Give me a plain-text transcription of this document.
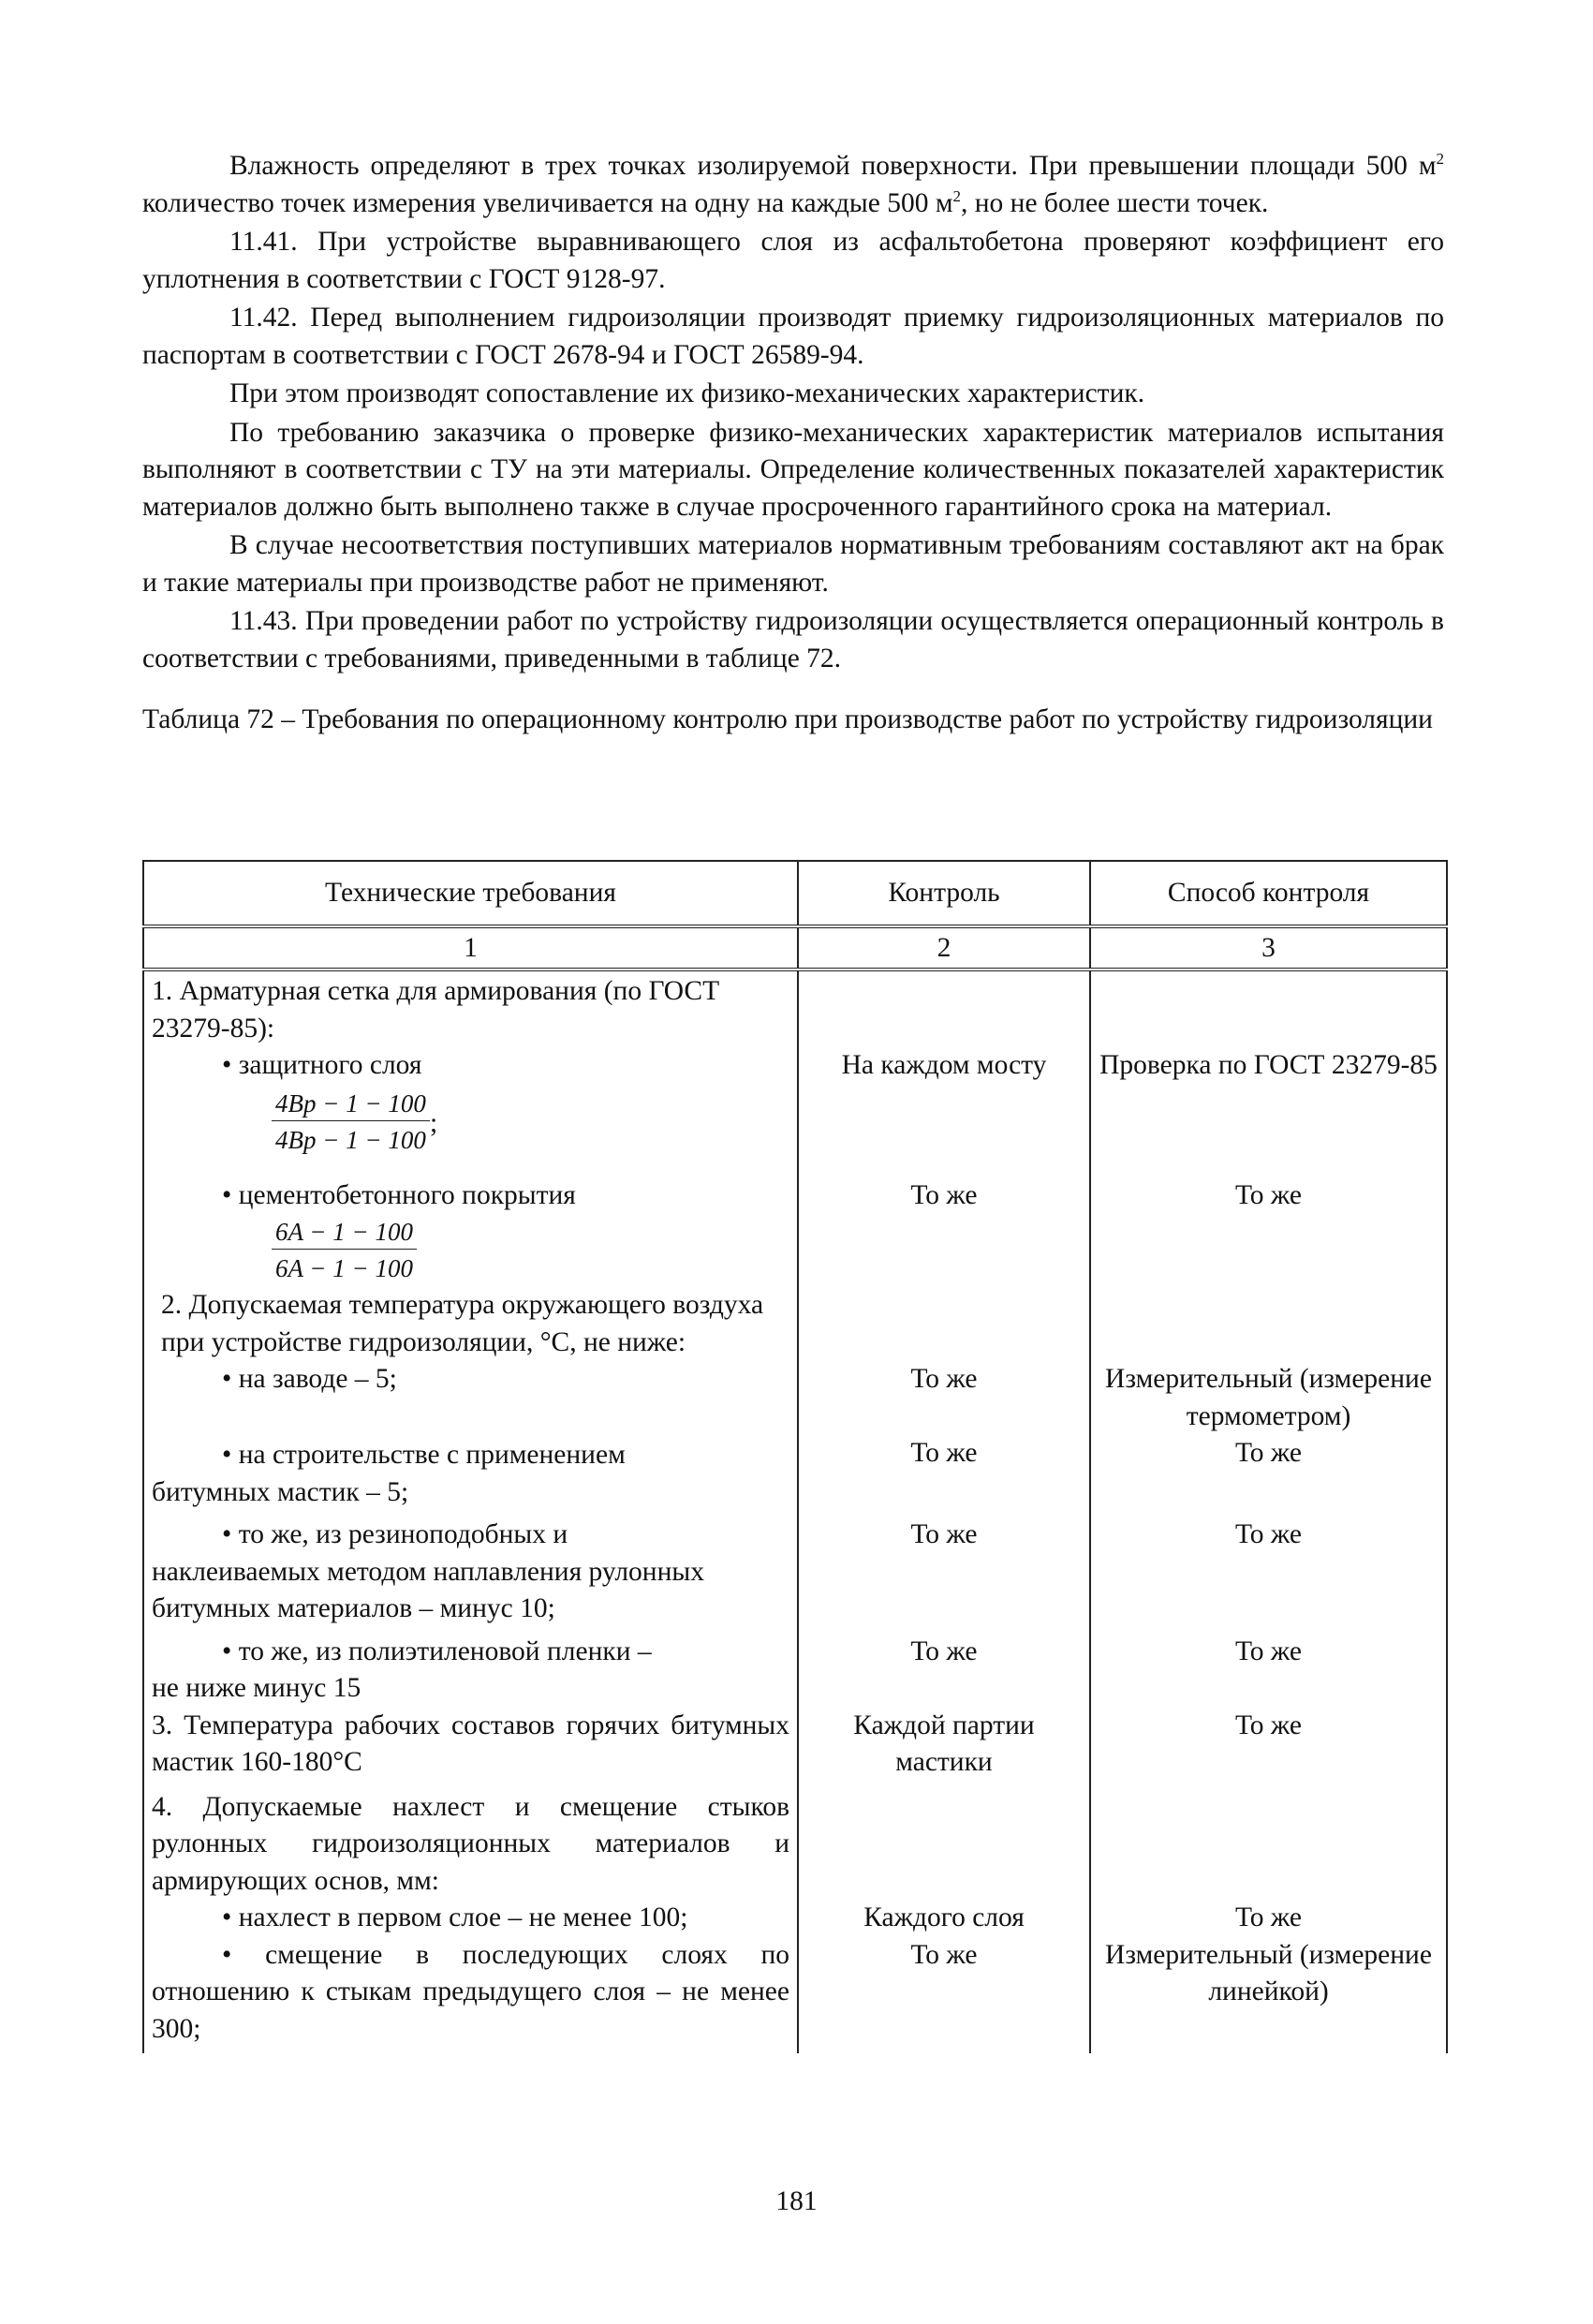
Влажность определяют в трех точках изолируемой поверхности. При превышении площади 500 $м^2$ количество точек измерения увеличивается на одну на каждые 500 $м^2$, но не более шести точек.

11.41. При устройстве выравнивающего слоя из асфальтобетона проверяют коэффициент его уплотнения в соответствии с ГОСТ 9128-97.

11.42. Перед выполнением гидроизоляции производят приемку гидроизоляционных материалов по паспортам в соответствии с ГОСТ 2678-94 и ГОСТ 26589-94.

При этом производят сопоставление их физико-механических характеристик.

По требованию заказчика о проверке физико-механических характеристик материалов испытания выполняют в соответствии с ТУ на эти материалы. Определение количественных показателей характеристик материалов должно быть выполнено также в случае просроченного гарантийного срока на материал.

В случае несоответствия поступивших материалов нормативным требованиям составляют акт на брак и такие материалы при производстве работ не применяют.

11.43. При проведении работ по устройству гидроизоляции осуществляется операционный контроль в соответствии с требованиями, приведенными в таблице 72.

Таблица 72 – Требования по операционному контролю при производстве работ по устройству гидроизоляции

Технические требования	Контроль	Способ контроля
1	2	3
1. Арматурная сетка для армирования (по ГОСТ 23279-85):		

• защитного слоя
$\frac{4Bp - 1 - 100}{4Bp - 1 - 100}$ ;	На каждом мосту	Проверка по ГОСТ 23279-85

• цементобетонного покрытия
$\frac{6A - 1 - 100}{6A - 1 - 100}$	То же	То же
2. Допускаемая температура окружающего воздуха при устройстве гидроизоляции, °С, не ниже:		

• на заводе – 5;	То же	Измерительный (измерение термометром)

• на строительстве с применением
битумных мастик – 5;	То же	То же

• то же, из резиноподобных и
наклеиваемых методом наплавления рулонных битумных материалов – минус 10;	То же	То же

• то же, из полиэтиленовой пленки –
не ниже минус 15	То же	То же
3. Температура рабочих составов горячих битумных мастик 160-180°С	Каждой партии мастики	То же
4. Допускаемые нахлест и смещение стыков рулонных гидроизоляционных материалов и армирующих основ, мм:		

• нахлест в первом слое – не менее 100;	Каждого слоя	То же
• смещение в последующих слоях по отношению к стыкам предыдущего слоя – не менее 300;	То же	Измерительный (измерение линейкой)
181
